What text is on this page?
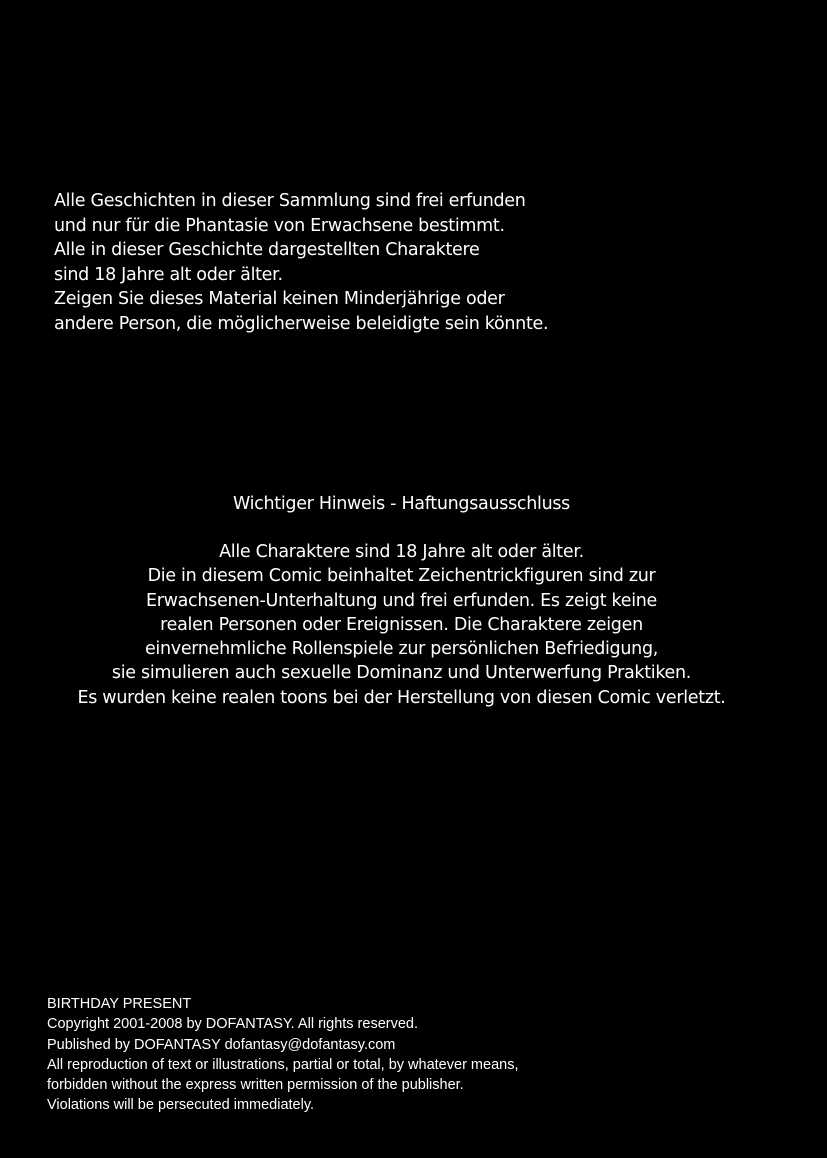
Alle Geschichten in dieser Sammlung sind frei erfunden
und nur für die Phantasie von Erwachsene bestimmt.
Alle in dieser Geschichte dargestellten Charaktere
sind 18 Jahre alt oder älter.
Zeigen Sie dieses Material keinen Minderjährige oder
andere Person, die möglicherweise beleidigte sein könnte.
Wichtiger Hinweis - Haftungsausschluss
Alle Charaktere sind 18 Jahre alt oder älter.
Die in diesem Comic beinhaltet Zeichentrickfiguren sind zur
Erwachsenen-Unterhaltung und frei erfunden. Es zeigt keine
realen Personen oder Ereignissen. Die Charaktere zeigen
einvernehmliche Rollenspiele zur persönlichen Befriedigung,
sie simulieren auch sexuelle Dominanz und Unterwerfung Praktiken.
Es wurden keine realen toons bei der Herstellung von diesen Comic verletzt.
BIRTHDAY PRESENT
Copyright 2001-2008 by DOFANTASY. All rights reserved.
Published by DOFANTASY dofantasy@dofantasy.com
All reproduction of text or illustrations, partial or total, by whatever means,
forbidden without the express written permission of the publisher.
Violations will be persecuted immediately.
